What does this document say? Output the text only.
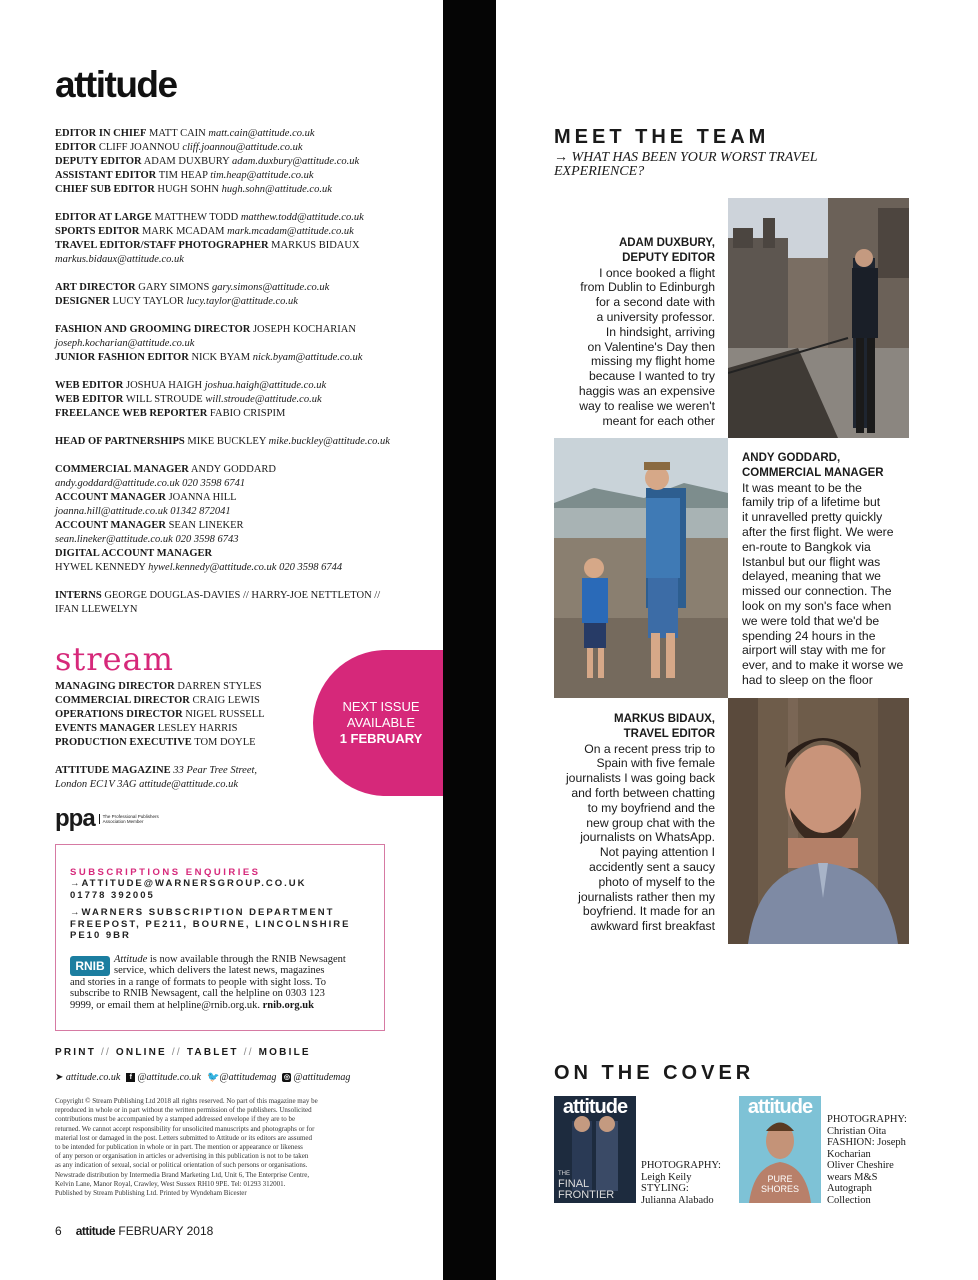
attitude
EDITOR IN CHIEF MATT CAIN matt.cain@attitude.co.uk
EDITOR CLIFF JOANNOU cliff.joannou@attitude.co.uk
DEPUTY EDITOR ADAM DUXBURY adam.duxbury@attitude.co.uk
ASSISTANT EDITOR TIM HEAP tim.heap@attitude.co.uk
CHIEF SUB EDITOR HUGH SOHN hugh.sohn@attitude.co.uk
EDITOR AT LARGE MATTHEW TODD matthew.todd@attitude.co.uk
SPORTS EDITOR MARK MCADAM mark.mcadam@attitude.co.uk
TRAVEL EDITOR/STAFF PHOTOGRAPHER MARKUS BIDAUX
markus.bidaux@attitude.co.uk
ART DIRECTOR GARY SIMONS gary.simons@attitude.co.uk
DESIGNER LUCY TAYLOR lucy.taylor@attitude.co.uk
FASHION AND GROOMING DIRECTOR JOSEPH KOCHARIAN
joseph.kocharian@attitude.co.uk
JUNIOR FASHION EDITOR NICK BYAM nick.byam@attitude.co.uk
WEB EDITOR JOSHUA HAIGH joshua.haigh@attitude.co.uk
WEB EDITOR WILL STROUDE will.stroude@attitude.co.uk
FREELANCE WEB REPORTER FABIO CRISPIM
HEAD OF PARTNERSHIPS MIKE BUCKLEY mike.buckley@attitude.co.uk
COMMERCIAL MANAGER ANDY GODDARD
andy.goddard@attitude.co.uk 020 3598 6741
ACCOUNT MANAGER JOANNA HILL
joanna.hill@attitude.co.uk 01342 872041
ACCOUNT MANAGER SEAN LINEKER
sean.lineker@attitude.co.uk 020 3598 6743
DIGITAL ACCOUNT MANAGER
HYWEL KENNEDY hywel.kennedy@attitude.co.uk 020 3598 6744
INTERNS GEORGE DOUGLAS-DAVIES // HARRY-JOE NETTLETON //
IFAN LLEWELYN
stream
MANAGING DIRECTOR DARREN STYLES
COMMERCIAL DIRECTOR CRAIG LEWIS
OPERATIONS DIRECTOR NIGEL RUSSELL
EVENTS MANAGER LESLEY HARRIS
PRODUCTION EXECUTIVE TOM DOYLE
ATTITUDE MAGAZINE 33 Pear Tree Street,
London EC1V 3AG attitude@attitude.co.uk
ppa	The Professional Publishers Association Member
NEXT ISSUE
AVAILABLE
1 FEBRUARY
SUBSCRIPTIONS ENQUIRIES
→ATTITUDE@WARNERSGROUP.CO.UK
01778 392005
→WARNERS SUBSCRIPTION DEPARTMENT
FREEPOST, PE211, BOURNE, LINCOLNSHIRE
PE10 9BR
RNIB Attitude is now available through the RNIB Newsagent
service, which delivers the latest news, magazines
and stories in a range of formats to people with sight loss. To
subscribe to RNIB Newsagent, call the helpline on 0303 123
9999, or email them at helpline@rnib.org.uk. rnib.org.uk
PRINT // ONLINE // TABLET // MOBILE
➤ attitude.co.uk	f @attitude.co.uk 🐦@attitudemag ◎ @attitudemag
Copyright © Stream Publishing Ltd 2018 all rights reserved. No part of this magazine may be
reproduced in whole or in part without the written permission of the publishers. Unsolicited
contributions must be accompanied by a stamped addressed envelope if they are to be
returned. We cannot accept responsibility for unsolicited manuscripts and photographs or for
material lost or damaged in the post. Letters submitted to Attitude or its editors are assumed
to be intended for publication in whole or in part. The mention or appearance or likeness
of any person or organisation in articles or advertising in this publication is not to be taken
as any indication of sexual, social or political orientation of such persons or organisations.
Newstrade distribution by Intermedia Brand Marketing Ltd, Unit 6, The Enterprise Centre,
Kelvin Lane, Manor Royal, Crawley, West Sussex RH10 9PE. Tel: 01293 312001.
Published by Stream Publishing Ltd. Printed by Wyndeham Bicester
6 attitude FEBRUARY 2018
MEET THE TEAM
→ WHAT HAS BEEN YOUR WORST TRAVEL
EXPERIENCE?
ADAM DUXBURY,
DEPUTY EDITOR
I once booked a flight
from Dublin to Edinburgh
for a second date with
a university professor.
In hindsight, arriving
on Valentine's Day then
missing my flight home
because I wanted to try
haggis was an expensive
way to realise we weren't
meant for each other
ANDY GODDARD,
COMMERCIAL MANAGER
It was meant to be the
family trip of a lifetime but
it unravelled pretty quickly
after the first flight. We were
en-route to Bangkok via
Istanbul but our flight was
delayed, meaning that we
missed our connection. The
look on my son's face when
we were told that we'd be
spending 24 hours in the
airport will stay with me for
ever, and to make it worse we
had to sleep on the floor
MARKUS BIDAUX,
TRAVEL EDITOR
On a recent press trip to
Spain with five female
journalists I was going back
and forth between chatting
to my boyfriend and the
new group chat with the
journalists on WhatsApp.
Not paying attention I
accidently sent a saucy
photo of myself to the
journalists rather then my
boyfriend. It made for an
awkward first breakfast
ON THE COVER
attitude
THE
FINAL
FRONTIER
PHOTOGRAPHY:
Leigh Keily
STYLING:
Julianna Alabado
attitude
PURE
SHORES
PHOTOGRAPHY:
Christian Oita
FASHION: Joseph
Kocharian
Oliver Cheshire
wears M&S
Autograph
Collection
